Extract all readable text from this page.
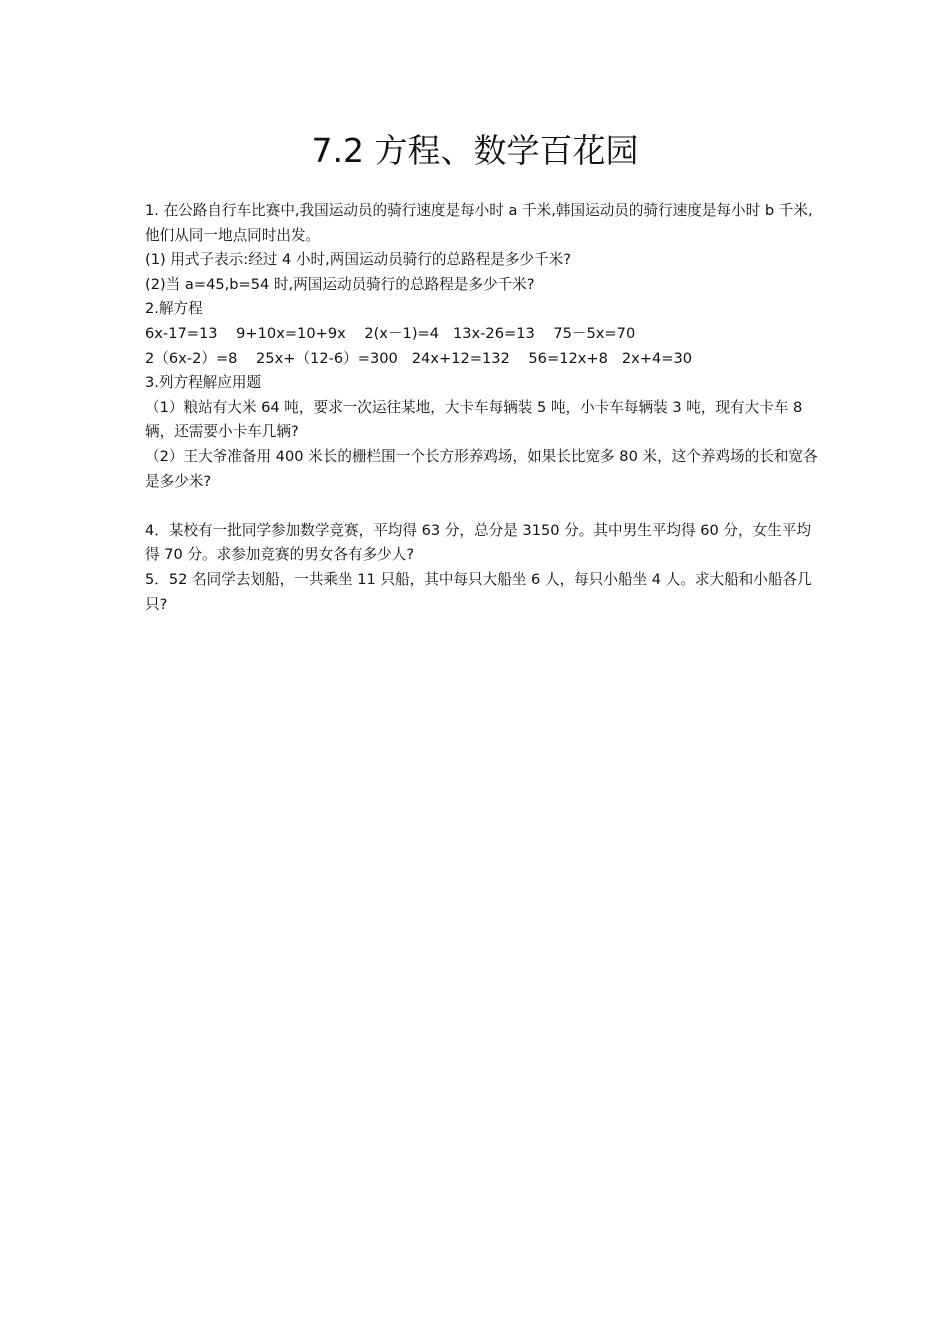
7.2 方程、数学百花园

1. 在公路自行车比赛中,我国运动员的骑行速度是每小时 a 千米,韩国运动员的骑行速度是每小时 b 千米,他们从同一地点同时出发。

(1) 用式子表示:经过 4 小时,两国运动员骑行的总路程是多少千米?

(2)当 a=45,b=54 时,两国运动员骑行的总路程是多少千米?

2.解方程

6x-17=13    9+10x=10+9x    2(x－1)=4   13x-26=13    75－5x=70

2（6x-2）=8    25x+（12-6）=300   24x+12=132    56=12x+8   2x+4=30

3.列方程解应用题

（1）粮站有大米 64 吨，要求一次运往某地，大卡车每辆装 5 吨，小卡车每辆装 3 吨，现有大卡车 8 辆，还需要小卡车几辆?

（2）王大爷准备用 400 米长的栅栏围一个长方形养鸡场，如果长比宽多 80 米，这个养鸡场的长和宽各是多少米?

4．某校有一批同学参加数学竞赛，平均得 63 分，总分是 3150 分。其中男生平均得 60 分，女生平均得 70 分。求参加竞赛的男女各有多少人?

5．52 名同学去划船，一共乘坐 11 只船，其中每只大船坐 6 人，每只小船坐 4 人。求大船和小船各几只?
